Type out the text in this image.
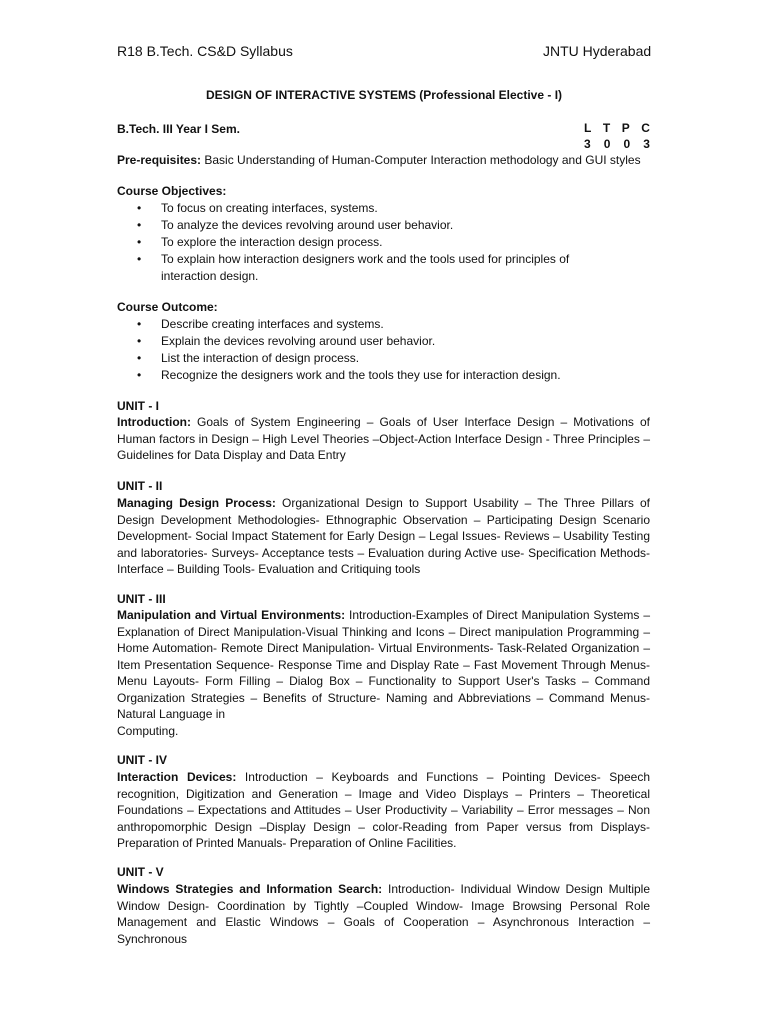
R18 B.Tech. CS&D Syllabus	JNTU Hyderabad
DESIGN OF INTERACTIVE SYSTEMS (Professional Elective - I)
B.Tech. III Year I Sem.	L T P C
3 0 0 3
Pre-requisites: Basic Understanding of Human-Computer Interaction methodology and GUI styles
Course Objectives:
• To focus on creating interfaces, systems.
• To analyze the devices revolving around user behavior.
• To explore the interaction design process.
• To explain how interaction designers work and the tools used for principles of interaction design.
Course Outcome:
• Describe creating interfaces and systems.
• Explain the devices revolving around user behavior.
• List the interaction of design process.
• Recognize the designers work and the tools they use for interaction design.
UNIT - I
Introduction: Goals of System Engineering – Goals of User Interface Design – Motivations of Human factors in Design – High Level Theories –Object-Action Interface Design - Three Principles – Guidelines for Data Display and Data Entry
UNIT - II
Managing Design Process: Organizational Design to Support Usability – The Three Pillars of Design Development Methodologies- Ethnographic Observation – Participating Design Scenario Development- Social Impact Statement for Early Design – Legal Issues- Reviews – Usability Testing and laboratories- Surveys- Acceptance tests – Evaluation during Active use- Specification Methods- Interface – Building Tools- Evaluation and Critiquing tools
UNIT - III
Manipulation and Virtual Environments: Introduction-Examples of Direct Manipulation Systems – Explanation of Direct Manipulation-Visual Thinking and Icons – Direct manipulation Programming – Home Automation- Remote Direct Manipulation- Virtual Environments- Task-Related Organization – Item Presentation Sequence- Response Time and Display Rate – Fast Movement Through Menus- Menu Layouts- Form Filling – Dialog Box – Functionality to Support User's Tasks – Command Organization Strategies – Benefits of Structure- Naming and Abbreviations – Command Menus- Natural Language in
Computing.
UNIT - IV
Interaction Devices: Introduction – Keyboards and Functions – Pointing Devices- Speech recognition, Digitization and Generation – Image and Video Displays – Printers – Theoretical Foundations – Expectations and Attitudes – User Productivity – Variability – Error messages – Non anthropomorphic Design –Display Design – color-Reading from Paper versus from Displays- Preparation of Printed Manuals- Preparation of Online Facilities.
UNIT - V
Windows Strategies and Information Search: Introduction- Individual Window Design Multiple Window Design- Coordination by Tightly –Coupled Window- Image Browsing Personal Role Management and Elastic Windows – Goals of Cooperation – Asynchronous Interaction – Synchronous
